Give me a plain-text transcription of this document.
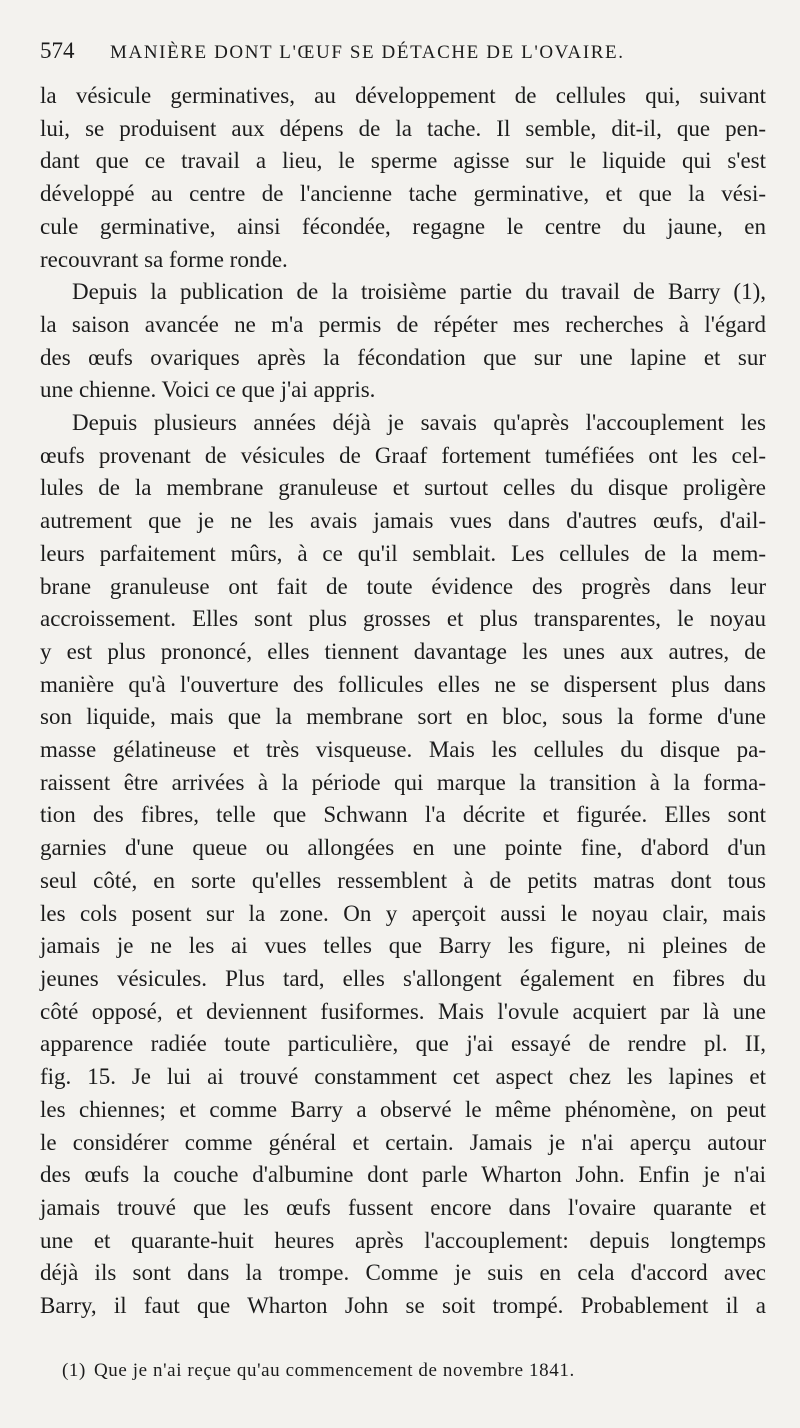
574	MANIÈRE DONT L'ŒUF SE DÉTACHE DE L'OVAIRE.
la vésicule germinatives, au développement de cellules qui, suivant
lui, se produisent aux dépens de la tache. Il semble, dit-il, que pen-
dant que ce travail a lieu, le sperme agisse sur le liquide qui s'est
développé au centre de l'ancienne tache germinative, et que la vési-
cule germinative, ainsi fécondée, regagne le centre du jaune, en
recouvrant sa forme ronde.
Depuis la publication de la troisième partie du travail de Barry (1),
la saison avancée ne m'a permis de répéter mes recherches à l'égard
des œufs ovariques après la fécondation que sur une lapine et sur
une chienne. Voici ce que j'ai appris.
Depuis plusieurs années déjà je savais qu'après l'accouplement les
œufs provenant de vésicules de Graaf fortement tuméfiées ont les cel-
lules de la membrane granuleuse et surtout celles du disque proligère
autrement que je ne les avais jamais vues dans d'autres œufs, d'ail-
leurs parfaitement mûrs, à ce qu'il semblait. Les cellules de la mem-
brane granuleuse ont fait de toute évidence des progrès dans leur
accroissement. Elles sont plus grosses et plus transparentes, le noyau
y est plus prononcé, elles tiennent davantage les unes aux autres, de
manière qu'à l'ouverture des follicules elles ne se dispersent plus dans
son liquide, mais que la membrane sort en bloc, sous la forme d'une
masse gélatineuse et très visqueuse. Mais les cellules du disque pa-
raissent être arrivées à la période qui marque la transition à la forma-
tion des fibres, telle que Schwann l'a décrite et figurée. Elles sont
garnies d'une queue ou allongées en une pointe fine, d'abord d'un
seul côté, en sorte qu'elles ressemblent à de petits matras dont tous
les cols posent sur la zone. On y aperçoit aussi le noyau clair, mais
jamais je ne les ai vues telles que Barry les figure, ni pleines de
jeunes vésicules. Plus tard, elles s'allongent également en fibres du
côté opposé, et deviennent fusiformes. Mais l'ovule acquiert par là une
apparence radiée toute particulière, que j'ai essayé de rendre pl. II,
fig. 15. Je lui ai trouvé constamment cet aspect chez les lapines et
les chiennes; et comme Barry a observé le même phénomène, on peut
le considérer comme général et certain. Jamais je n'ai aperçu autour
des œufs la couche d'albumine dont parle Wharton John. Enfin je n'ai
jamais trouvé que les œufs fussent encore dans l'ovaire quarante et
une et quarante-huit heures après l'accouplement: depuis longtemps
déjà ils sont dans la trompe. Comme je suis en cela d'accord avec
Barry, il faut que Wharton John se soit trompé. Probablement il a
(1) Que je n'ai reçue qu'au commencement de novembre 1841.
